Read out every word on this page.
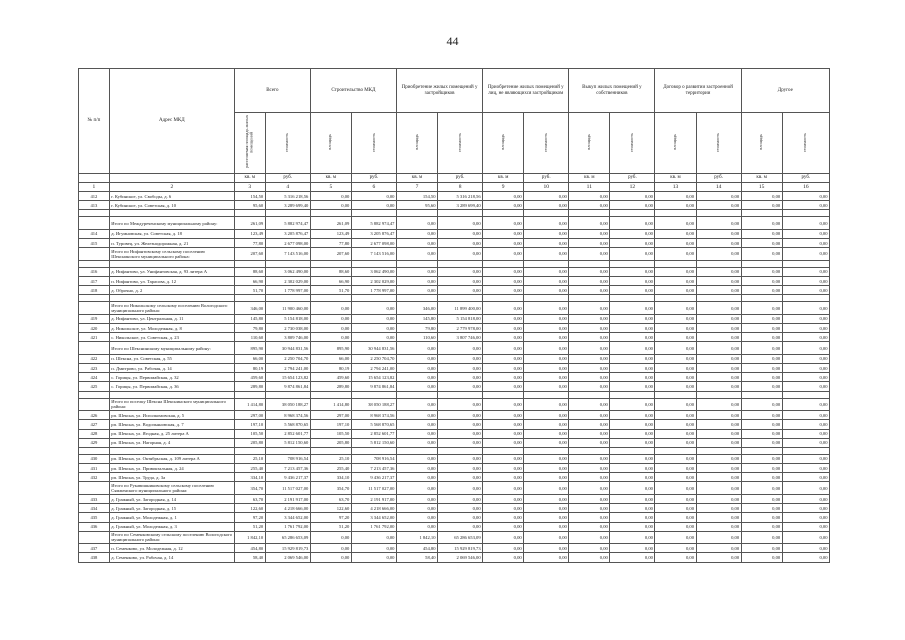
44
№ п/п	Адрес МКД	Всего		Строительство МКД		Приобретение жилых помещений у застройщиков		Приобретение жилых помещений у лиц, не являющихся застройщиком		Выкуп жилых помещений у собственников		Договор о развитии застроенной территории		Другое	
		расселяемая площадь жилых помещений	стоимость	площадь	стоимость	площадь	стоимость	площадь	стоимость	площадь	стоимость	площадь	стоимость	площадь	стоимость
		кв. м	руб.	кв. м	руб.	кв. м	руб.	кв. м	руб.	кв. м	руб.	кв. м	руб.	кв. м	руб.
1	2	3	4	5	6	7	8	9	10	11	12	13	14	15	16
412	г. Кубинское, ул. Свободы, д. 6	154,50	5 316 218,56	0,00	0,00	154,50	5 316 218,56	0,00	0,00	0,00	0,00	0,00	0,00	0,00	0,00
413	г. Кубинское, ул. Советская, д. 10	95,60	3 289 699,40	0,00	0,00	95,60	3 289 699,40	0,00	0,00	0,00	0,00	0,00	0,00	0,00	0,00

	Итого по Междуреченскому муниципальному району:	261,09	5 882 974,47	261,09	5 882 974,47	0,00	0,00	0,00	0,00	0,00	0,00	0,00	0,00	0,00	0,00
414	д. Игумновская, ул. Советская, д. 18	123,49	3 205 876,47	123,49	3 205 876,47	0,00	0,00	0,00	0,00	0,00	0,00	0,00	0,00	0,00	0,00
415	п. Туровец, ул. Железнодорожная, д. 21	77,80	2 677 098,00	77,80	2 677 098,00	0,00	0,00	0,00	0,00	0,00	0,00	0,00	0,00	0,00	0,00
	Итого по Нифантовскому сельскому поселению Шекснинского муниципального района:	207,60	7 143 516,00	207,60	7 143 516,00	0,00	0,00	0,00	0,00	0,00	0,00	0,00	0,00	0,00	0,00

416	д. Нифантово, ул. Унифантовская, д. 93 литера А	88,60	3 062 490,00	88,60	3 062 490,00	0,00	0,00	0,00	0,00	0,00	0,00	0,00	0,00	0,00	0,00
417	п. Нифантово, ул. Тарасова, д. 12	66,90	2 302 029,00	66,90	2 302 029,00	0,00	0,00	0,00	0,00	0,00	0,00	0,00	0,00	0,00	0,00
418	д. Оброчно, д. 2	51,70	1 778 997,00	51,70	1 778 997,00	0,00	0,00	0,00	0,00	0,00	0,00	0,00	0,00	0,00	0,00

	Итого по Никольскому сельскому поселению Вологодского муниципального района:	346,00	11 900 460,00	0,00	0,00	346,00	11 899 400,00	0,00	0,00	0,00	0,00	0,00	0,00	0,00	0,00
419	д. Нифантово, ул. Центральная, д. 11	145,80	5 154 818,00	0,00	0,00	145,80	5 154 818,00	0,00	0,00	0,00	0,00	0,00	0,00	0,00	0,00
420	д. Никольское, ул. Молодежная, д. 8	79,80	2 730 038,00	0,00	0,00	79,80	2 779 978,00	0,00	0,00	0,00	0,00	0,00	0,00	0,00	0,00
421	с. Никольское, ул. Советская, д. 23	110,60	3 809 746,00	0,00	0,00	110,60	3 807 746,00	0,00	0,00	0,00	0,00	0,00	0,00	0,00	0,00
	Итого по Шекснинскому муниципальному району:	895,90	30 944 831,56	895,90	30 944 831,56	0,00	0,00	0,00	0,00	0,00	0,00	0,00	0,00	0,00	0,00
422	п. Шексна, ул. Советская, д. 55	66,00	2 250 704,70	66,00	2 250 704,70	0,00	0,00	0,00	0,00	0,00	0,00	0,00	0,00	0,00	0,00
423	п. Дмитрово, ул. Рабочая, д. 14	80,19	2 794 241,00	80,19	2 794 241,00	0,00	0,00	0,00	0,00	0,00	0,00	0,00	0,00	0,00	0,00
424	с. Горицы, ул. Первомайская, д. 32	459,60	15 654 123,82	459,60	15 654 123,82	0,00	0,00	0,00	0,00	0,00	0,00	0,00	0,00	0,00	0,00
425	с. Горицы, ул. Первомайская, д. 36	289,80	9 874 861,84	289,80	9 874 861,84	0,00	0,00	0,00	0,00	0,00	0,00	0,00	0,00	0,00	0,00

	Итого по поселку Шексна Шекснинского муниципального района:	1 414,80	38 050 188,27	1 414,80	38 050 188,27	0,00	0,00	0,00	0,00	0,00	0,00	0,00	0,00	0,00	0,00
426	рп. Шексна, ул. Исполкомовская, д. 5	297,00	8 968 374,56	297,00	8 968 374,56	0,00	0,00	0,00	0,00	0,00	0,00	0,00	0,00	0,00	0,00
427	рп. Шексна, ул. Водопьяновская, д. 7	197,10	5 568 870,65	197,10	5 568 870,65	0,00	0,00	0,00	0,00	0,00	0,00	0,00	0,00	0,00	0,00
428	рп. Шексна, ул. Ягодная, д. 25 литера А	105,50	2 852 601,77	105,50	2 852 601,77	0,00	0,00	0,00	0,00	0,00	0,00	0,00	0,00	0,00	0,00
429	рп. Шексна, ул. Нагорная, д. 4	205,80	5 812 150,60	205,80	5 812 150,60	0,00	0,00	0,00	0,00	0,00	0,00	0,00	0,00	0,00	0,00

430	рп. Шексна, ул. Октябрьская, д. 109 литера А	25,10	708 916,54	25,10	708 916,54	0,00	0,00	0,00	0,00	0,00	0,00	0,00	0,00	0,00	0,00
431	рп. Шексна, ул. Привокзальная, д. 24	255,40	7 213 457,36	255,40	7 213 457,36	0,00	0,00	0,00	0,00	0,00	0,00	0,00	0,00	0,00	0,00
432	рп. Шексна, ул. Труда, д. 3а	334,10	9 436 217,37	334,10	9 436 217,37	0,00	0,00	0,00	0,00	0,00	0,00	0,00	0,00	0,00	0,00
	Итого по Рукавишниковскому сельскому поселению Сямженского муниципального района:	354,70	11 517 027,00	354,70	11 517 027,00	0,00	0,00	0,00	0,00	0,00	0,00	0,00	0,00	0,00	0,00
433	д. Гражный, ул. Загородная, д. 14	63,70	2 191 917,00	63,70	2 191 917,00	0,00	0,00	0,00	0,00	0,00	0,00	0,00	0,00	0,00	0,00
434	д. Гражный, ул. Загородная, д. 15	122,60	4 218 666,00	122,60	4 218 666,00	0,00	0,00	0,00	0,00	0,00	0,00	0,00	0,00	0,00	0,00
435	д. Гражный, ул. Молодежная, д. 1	97,20	3 344 652,00	97,20	3 344 652,00	0,00	0,00	0,00	0,00	0,00	0,00	0,00	0,00	0,00	0,00
436	д. Гражный, ул. Молодежная, д. 3	51,20	1 761 792,00	51,20	1 761 792,00	0,00	0,00	0,00	0,00	0,00	0,00	0,00	0,00	0,00	0,00
	Итого по Семенковскому сельскому поселению Вологодского муниципального района:	1 842,10	65 286 653,09	0,00	0,00	1 842,10	65 286 653,09	0,00	0,00	0,00	0,00	0,00	0,00	0,00	0,00
437	п. Семенково, ул. Молодежная, д. 12	454,80	15 929 819,73	0,00	0,00	454,80	15 929 819,73	0,00	0,00	0,00	0,00	0,00	0,00	0,00	0,00
438	д. Семенково, ул. Рабочая, д. 14	58,40	2 069 546,00	0,00	0,00	58,40	2 069 546,00	0,00	0,00	0,00	0,00	0,00	0,00	0,00	0,00
